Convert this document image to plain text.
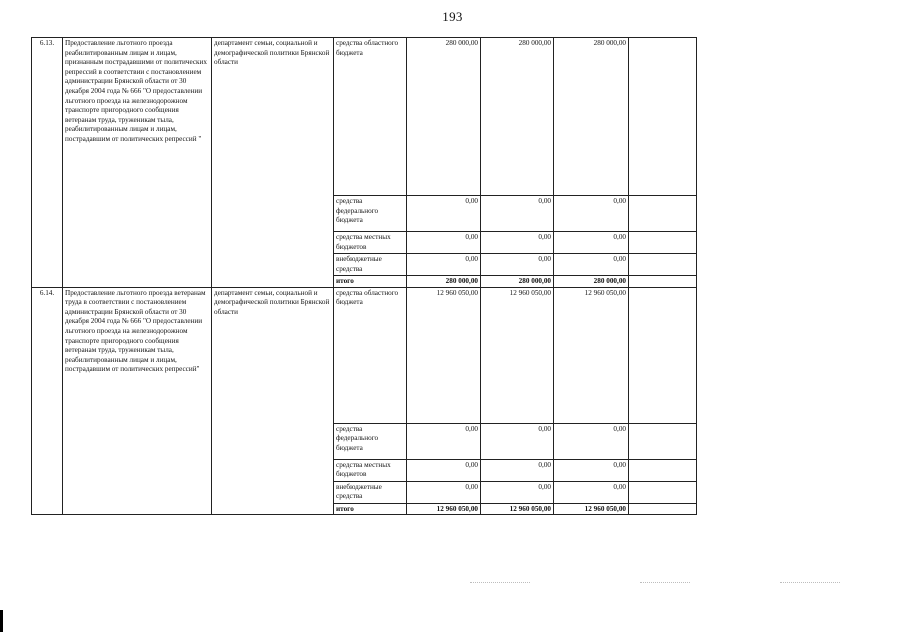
193
6.13.	Предоставление льготного проезда реабилитированным лицам и лицам, признанным пострадавшими от политических репрессий в соответствии с постановлением администрации Брянской области от 30 декабря 2004 года № 666 "О предоставлении льготного проезда на железнодорожном транспорте пригородного сообщения ветеранам труда, труженикам тыла, реабилитированным лицам и лицам, пострадавшим от политических репрессий "	департамент семьи, социальной и демографической политики Брянской области	средства областного бюджета	280 000,00	280 000,00	280 000,00	
			средства федерального бюджета	0,00	0,00	0,00	
			средства местных бюджетов	0,00	0,00	0,00	
			внебюджетные средства	0,00	0,00	0,00	
			итого	280 000,00	280 000,00	280 000,00	
6.14.	Предоставление льготного проезда ветеранам труда в соответствии с постановлением администрации Брянской области от 30 декабря 2004 года № 666 "О предоставлении льготного проезда на железнодорожном транспорте пригородного сообщения ветеранам труда, труженикам тыла, реабилитированным лицам и лицам, пострадавшим от политических репрессий"	департамент семьи, социальной и демографической политики Брянской области	средства областного бюджета	12 960 050,00	12 960 050,00	12 960 050,00	
			средства федерального бюджета	0,00	0,00	0,00	
			средства местных бюджетов	0,00	0,00	0,00	
			внебюджетные средства	0,00	0,00	0,00	
			итого	12 960 050,00	12 960 050,00	12 960 050,00	
